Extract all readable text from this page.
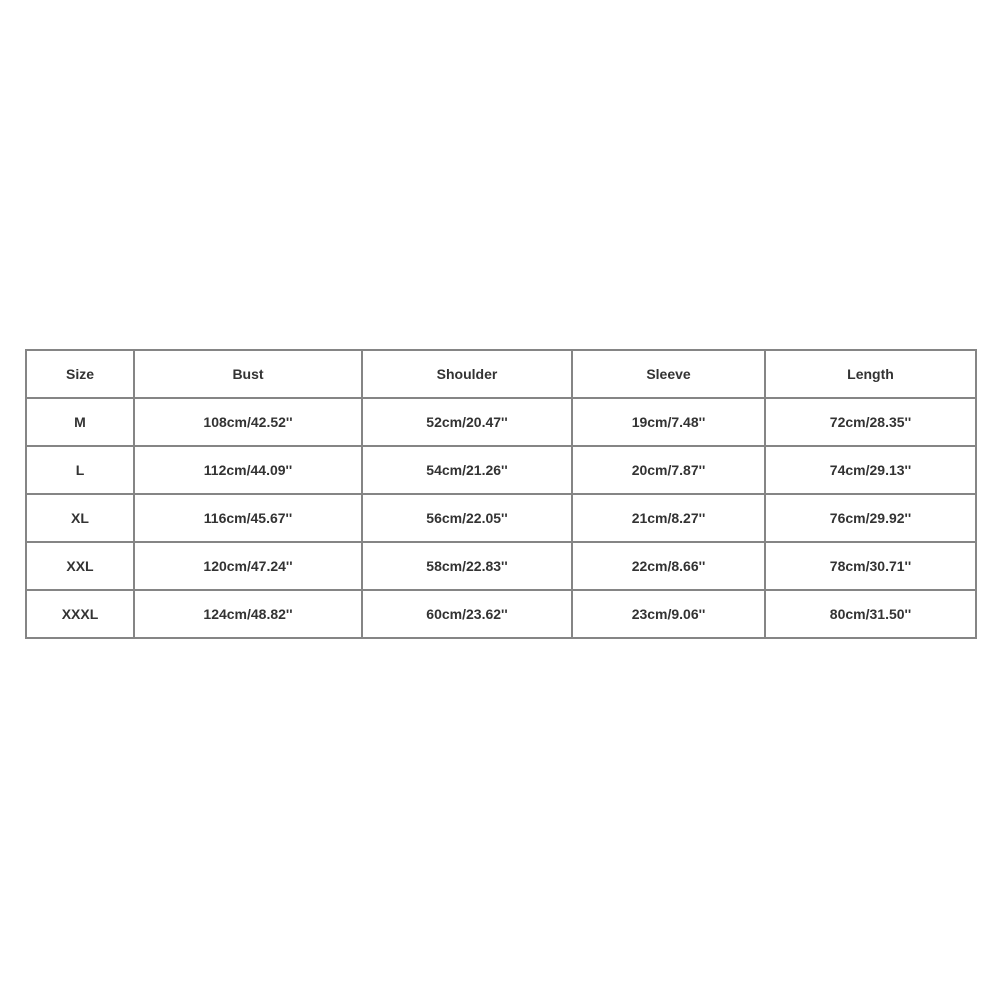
Size	Bust	Shoulder	Sleeve	Length
M	108cm/42.52''	52cm/20.47''	19cm/7.48''	72cm/28.35''
L	112cm/44.09''	54cm/21.26''	20cm/7.87''	74cm/29.13''
XL	116cm/45.67''	56cm/22.05''	21cm/8.27''	76cm/29.92''
XXL	120cm/47.24''	58cm/22.83''	22cm/8.66''	78cm/30.71''
XXXL	124cm/48.82''	60cm/23.62''	23cm/9.06''	80cm/31.50''
